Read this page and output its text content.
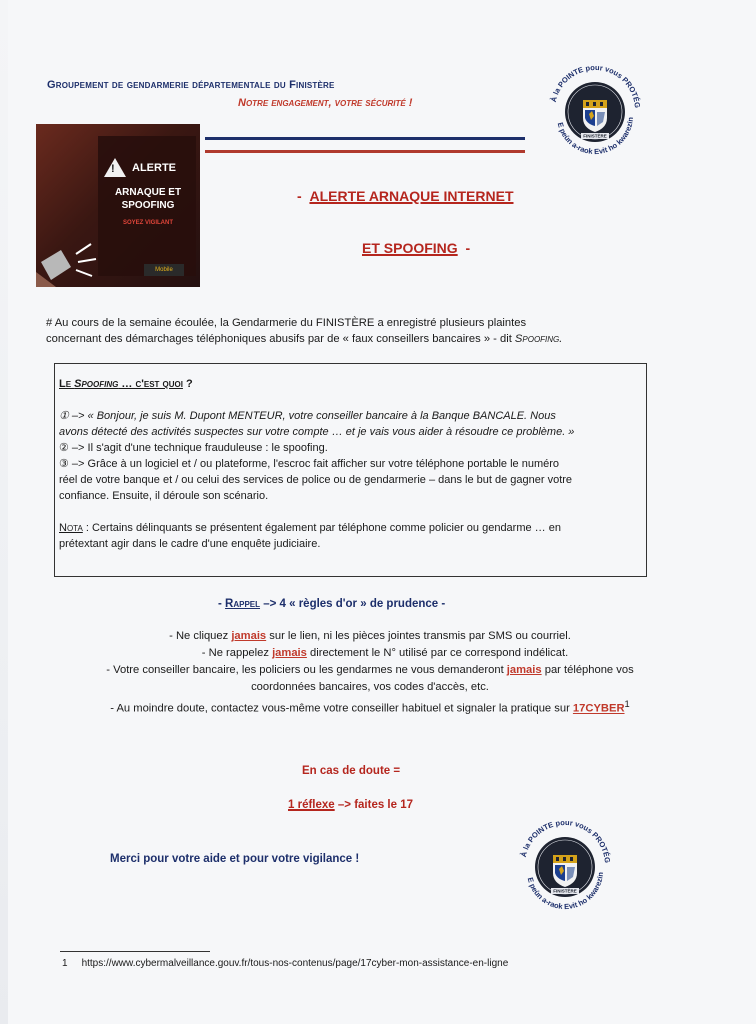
Groupement de gendarmerie départementale du Finistère
Notre engagement, votre sécurité !	À la POINTE pour vous PROTÉG
FINISTÈRE
E peùn a-raok Evit ho kwarezin
! ALERTE
ARNAQUE ET
SPOOFING
SOYEZ VIGILANT
Mobile
- ALERTE ARNAQUE INTERNET
ET SPOOFING -
# Au cours de la semaine écoulée, la Gendarmerie du FINISTÈRE a enregistré plusieurs plaintes
concernant des démarchages téléphoniques abusifs par de « faux conseillers bancaires » - dit Spoofing.

Le Spoofing … c'est quoi ?

① –> « Bonjour, je suis M. Dupont MENTEUR, votre conseiller bancaire à la Banque BANCALE. Nous
avons détecté des activités suspectes sur votre compte … et je vais vous aider à résoudre ce problème. »

② –> Il s'agit d'une technique frauduleuse : le spoofing.

③ –> Grâce à un logiciel et / ou plateforme, l'escroc fait afficher sur votre téléphone portable le numéro
réel de votre banque et / ou celui des services de police ou de gendarmerie – dans le but de gagner votre
confiance. Ensuite, il déroule son scénario.

Nota : Certains délinquants se présentent également par téléphone comme policier ou gendarme … en
prétextant agir dans le cadre d'une enquête judiciaire.

- Rappel –> 4 « règles d'or » de prudence -
- Ne cliquez jamais sur le lien, ni les pièces jointes transmis par SMS ou courriel.
- Ne rappelez jamais directement le N° utilisé par ce correspond indélicat.
- Votre conseiller bancaire, les policiers ou les gendarmes ne vous demanderont jamais par téléphone vos
coordonnées bancaires, vos codes d'accès, etc.
- Au moindre doute, contactez vous-même votre conseiller habituel et signaler la pratique sur 17CYBER$^1$
En cas de doute =
1 réflexe –> faites le 17
Merci pour votre aide et pour votre vigilance !	À la POINTE pour vous PROTÉG
FINISTÈRE
E peùn a-raok Evit ho kwarezin
1 https://www.cybermalveillance.gouv.fr/tous-nos-contenus/page/17cyber-mon-assistance-en-ligne
